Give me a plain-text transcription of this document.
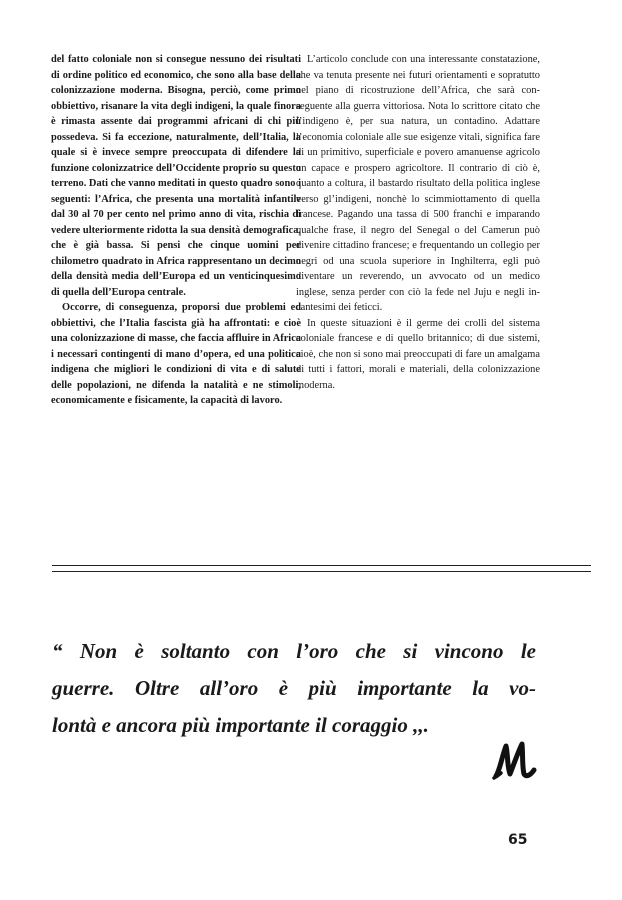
del fatto coloniale non si consegue nessuno dei risultati di ordine politico ed economico, che sono alla base della colonizzazione moderna. Bisogna, perciò, come primo obbiettivo, risanare la vita degli indigeni, la quale finora è rimasta assente dai programmi africani di chi più possedeva. Si fa eccezione, naturalmente, dell’Italia, la quale si è invece sempre preoccupata di difendere la funzione colonizzatrice dell’Occidente proprio su questo terreno. Dati che vanno meditati in questo quadro sono i seguenti: l’Africa, che presenta una mortalità infantile dal 30 al 70 per cento nel primo anno di vita, rischia di vedere ulteriormente ridotta la sua densità demografica, che è già bassa. Si pensi che cinque uomini per chilometro quadrato in Africa rappresentano un decimo della densità media dell’Europa ed un venticinquesimo di quella dell’Europa centrale.

Occorre, di conseguenza, proporsi due problemi ed obbiettivi, che l’Italia fascista già ha affrontati: e cioè una colonizzazione di masse, che faccia affluire in Africa i necessari contingenti di mano d’opera, ed una politica indigena che migliori le condizioni di vita e di salute delle popolazioni, ne difenda la natalità e ne stimoli, economicamente e fisicamente, la capacità di lavoro.

L’articolo conclude con una interessante constatazione, che va tenuta presente nei futuri orientamenti e sopratutto nel piano di ricostruzione dell’Africa, che sarà conseguente alla guerra vittoriosa. Nota lo scrittore citato che l’indigeno è, per sua natura, un contadino. Adattare l’economia coloniale alle sue esigenze vitali, significa fare di un primitivo, superficiale e povero amanuense agricolo un capace e prospero agricoltore. Il contrario di ciò è, quanto a coltura, il bastardo risultato della politica inglese verso gl’indigeni, nonchè lo scimmiottamento di quella francese. Pagando una tassa di 500 franchi e imparando qualche frase, il negro del Senegal o del Camerun può divenire cittadino francese; e frequentando un collegio per negri od una scuola superiore in Inghilterra, egli può diventare un reverendo, un avvocato od un medico inglese, senza perder con ciò la fede nel Juju e negli incantesimi dei feticci.

In queste situazioni è il germe dei crolli del sistema coloniale francese e di quello britannico; di due sistemi, cioè, che non si sono mai preoccupati di fare un amalgama di tutti i fattori, morali e materiali, della colonizzazione moderna.

“ Non è soltanto con l’oro che si vincono le
guerre. Oltre all’oro è più importante la vo-
lontà e ancora più importante il coraggio ,,.
65
